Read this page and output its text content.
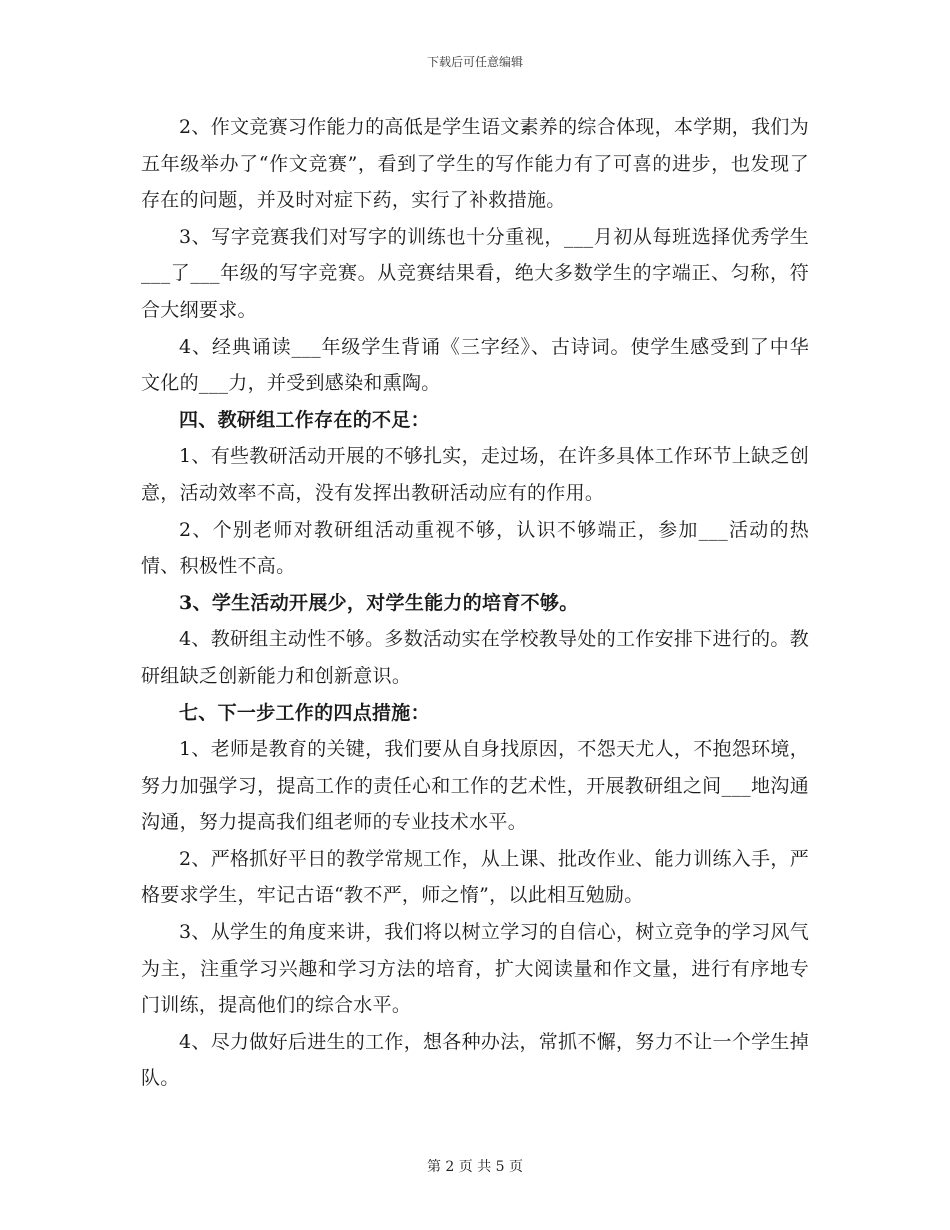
下载后可任意编辑

2、作文竞赛习作能力的高低是学生语文素养的综合体现，本学期，我们为五年级举办了“作文竞赛”，看到了学生的写作能力有了可喜的进步，也发现了存在的问题，并及时对症下药，实行了补救措施。

3、写字竞赛我们对写字的训练也十分重视，___月初从每班选择优秀学生___了___年级的写字竞赛。从竞赛结果看，绝大多数学生的字端正、匀称，符合大纲要求。

4、经典诵读___年级学生背诵《三字经》、古诗词。使学生感受到了中华文化的___力，并受到感染和熏陶。

四、教研组工作存在的不足：

1、有些教研活动开展的不够扎实，走过场，在许多具体工作环节上缺乏创意，活动效率不高，没有发挥出教研活动应有的作用。

2、个别老师对教研组活动重视不够，认识不够端正，参加___活动的热情、积极性不高。

3、学生活动开展少，对学生能力的培育不够。

4、教研组主动性不够。多数活动实在学校教导处的工作安排下进行的。教研组缺乏创新能力和创新意识。

七、下一步工作的四点措施：

1、老师是教育的关键，我们要从自身找原因，不怨天尤人，不抱怨环境，努力加强学习，提高工作的责任心和工作的艺术性，开展教研组之间___地沟通沟通，努力提高我们组老师的专业技术水平。

2、严格抓好平日的教学常规工作，从上课、批改作业、能力训练入手，严格要求学生，牢记古语“教不严，师之惰”，以此相互勉励。

3、从学生的角度来讲，我们将以树立学习的自信心，树立竞争的学习风气为主，注重学习兴趣和学习方法的培育，扩大阅读量和作文量，进行有序地专门训练，提高他们的综合水平。

4、尽力做好后进生的工作，想各种办法，常抓不懈，努力不让一个学生掉队。

第 2 页 共 5 页
